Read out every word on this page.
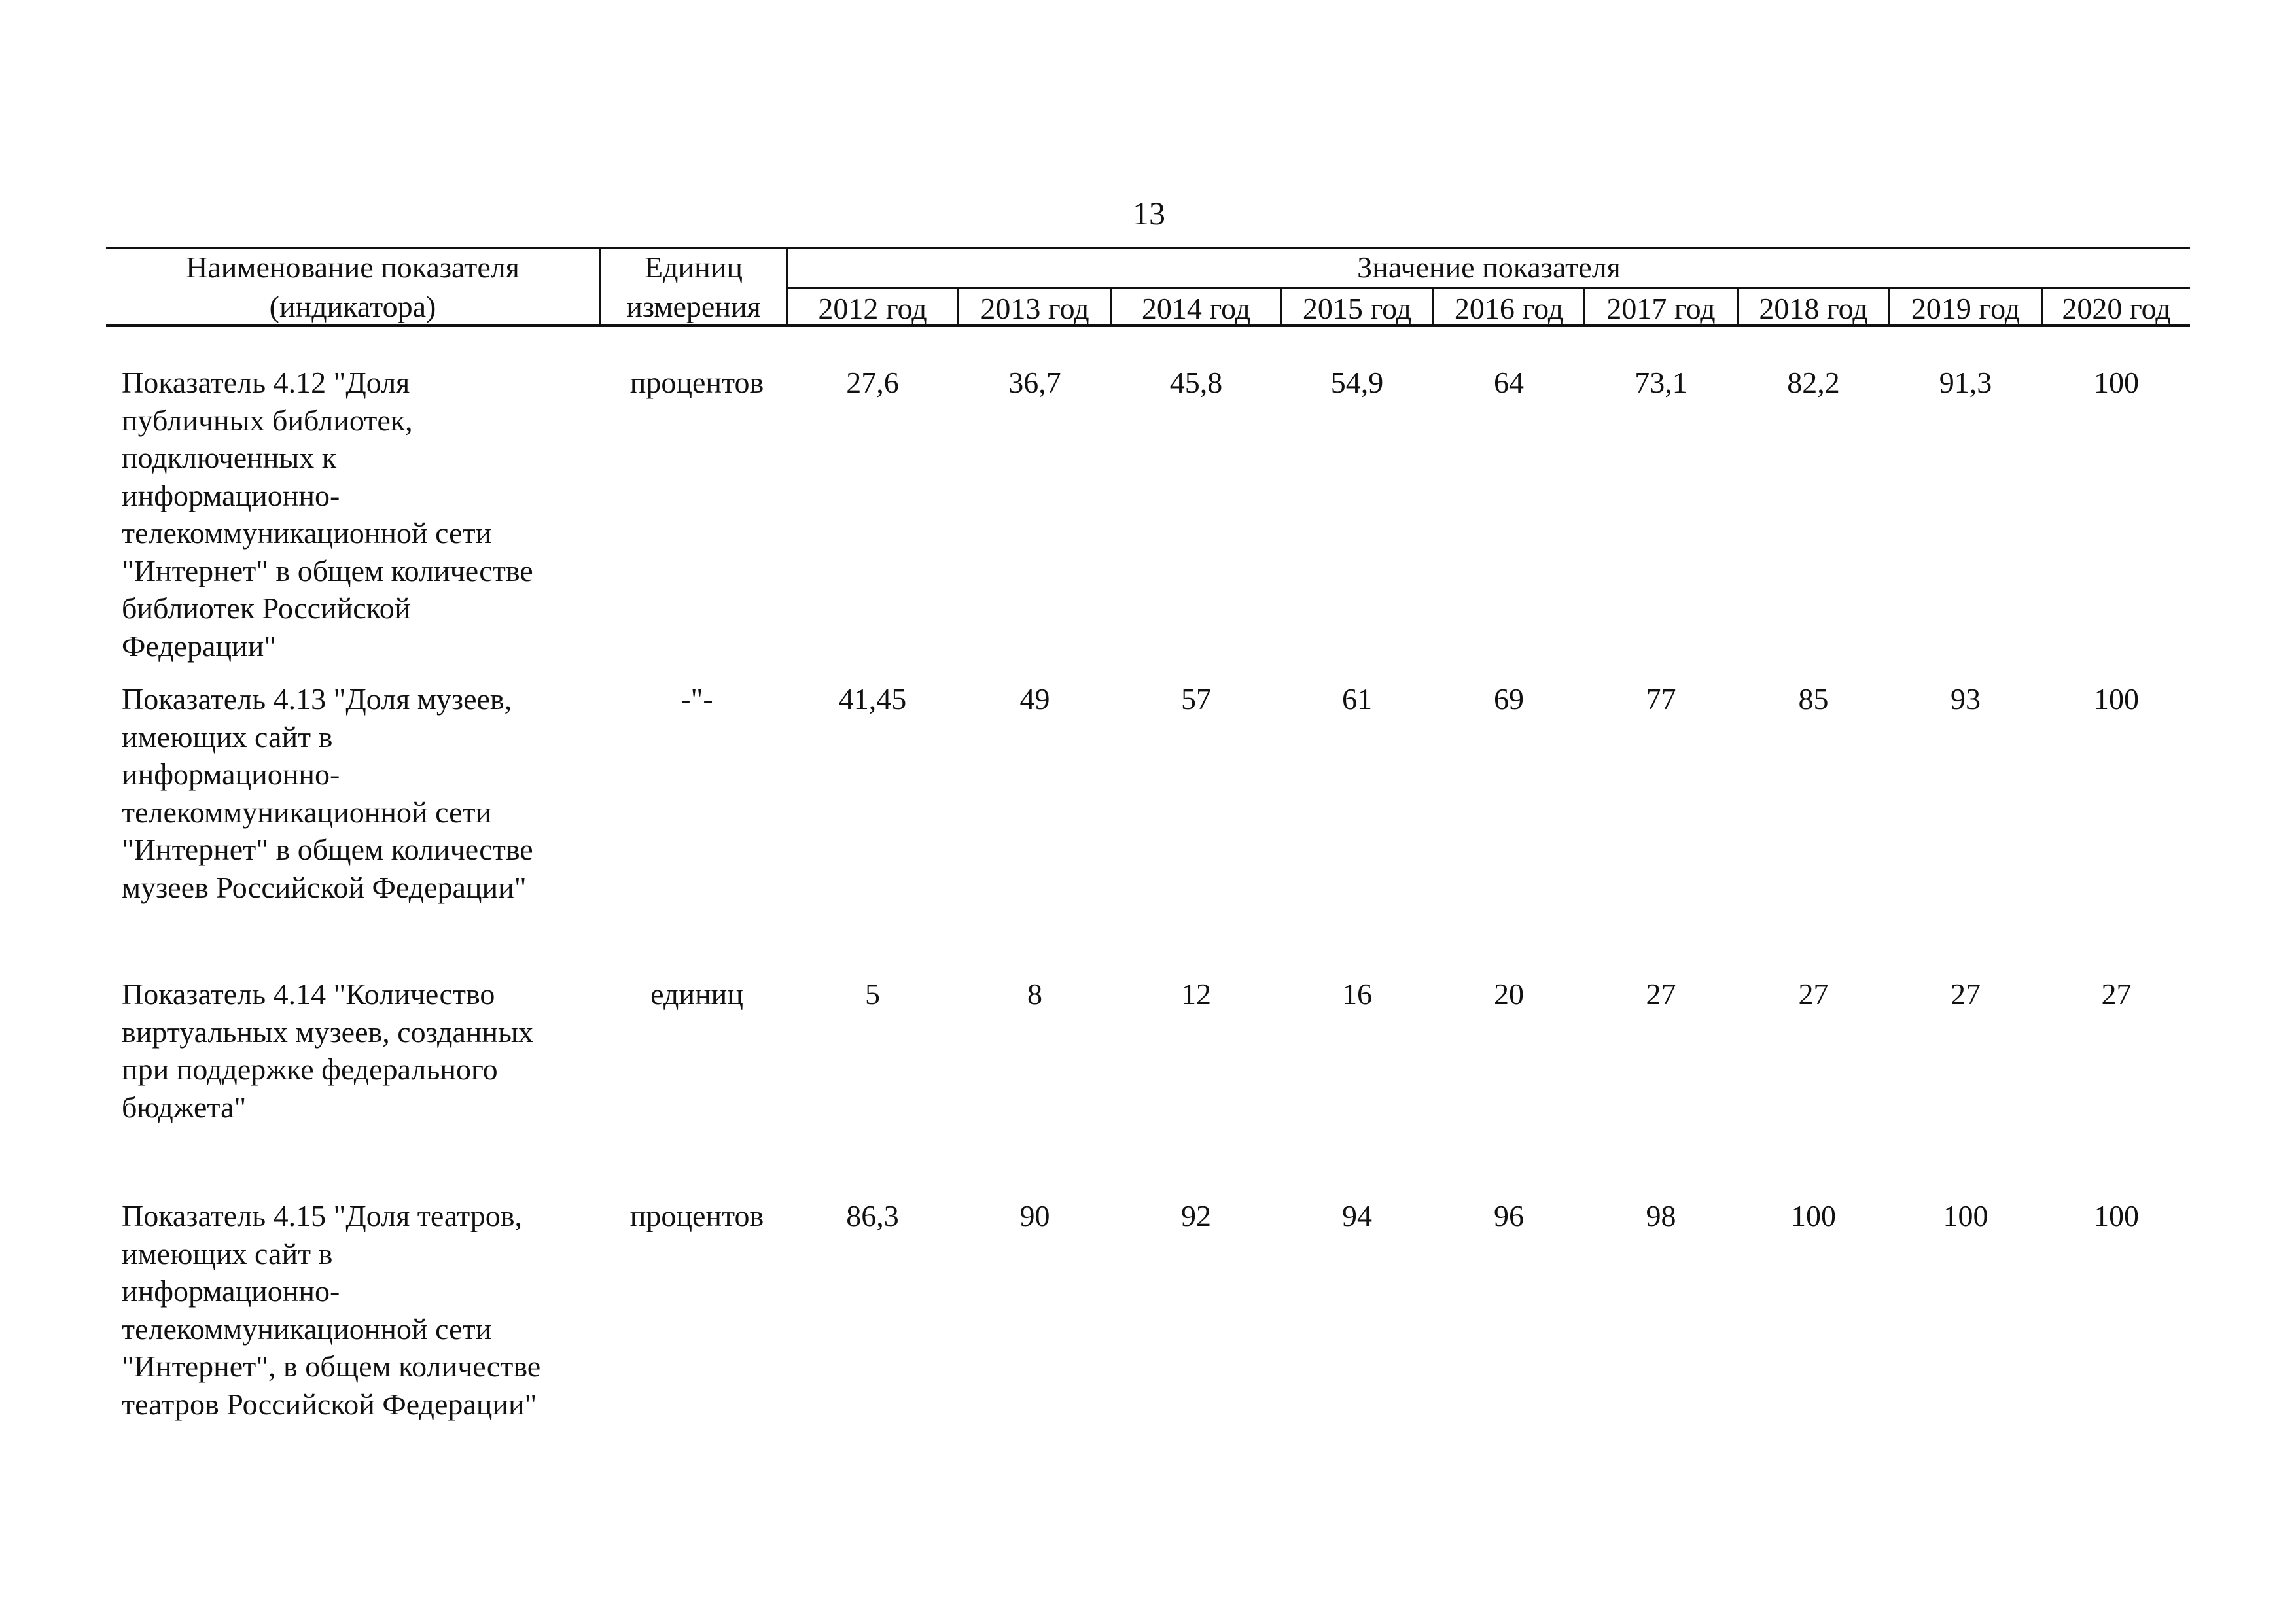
13
Наименование показателя
(индикатора)
Единиц
измерения
Значение показателя
2012 год	2013 год	2014 год	2015 год	2016 год	2017 год	2018 год	2019 год	2020 год
Показатель 4.12 "Доля
публичных библиотек,
подключенных к
информационно-
телекоммуникационной сети
"Интернет" в общем количестве
библиотек Российской
Федерации"
процентов	27,6	36,7	45,8	54,9	64	73,1	82,2	91,3	100
Показатель 4.13 "Доля музеев,
имеющих сайт в
информационно-
телекоммуникационной сети
"Интернет" в общем количестве
музеев Российской Федерации"
-"-	41,45	49	57	61	69	77	85	93	100
Показатель 4.14 "Количество
виртуальных музеев, созданных
при поддержке федерального
бюджета"
единиц	5	8	12	16	20	27	27	27	27
Показатель 4.15 "Доля театров,
имеющих сайт в
информационно-
телекоммуникационной сети
"Интернет", в общем количестве
театров Российской Федерации"
процентов	86,3	90	92	94	96	98	100	100	100
